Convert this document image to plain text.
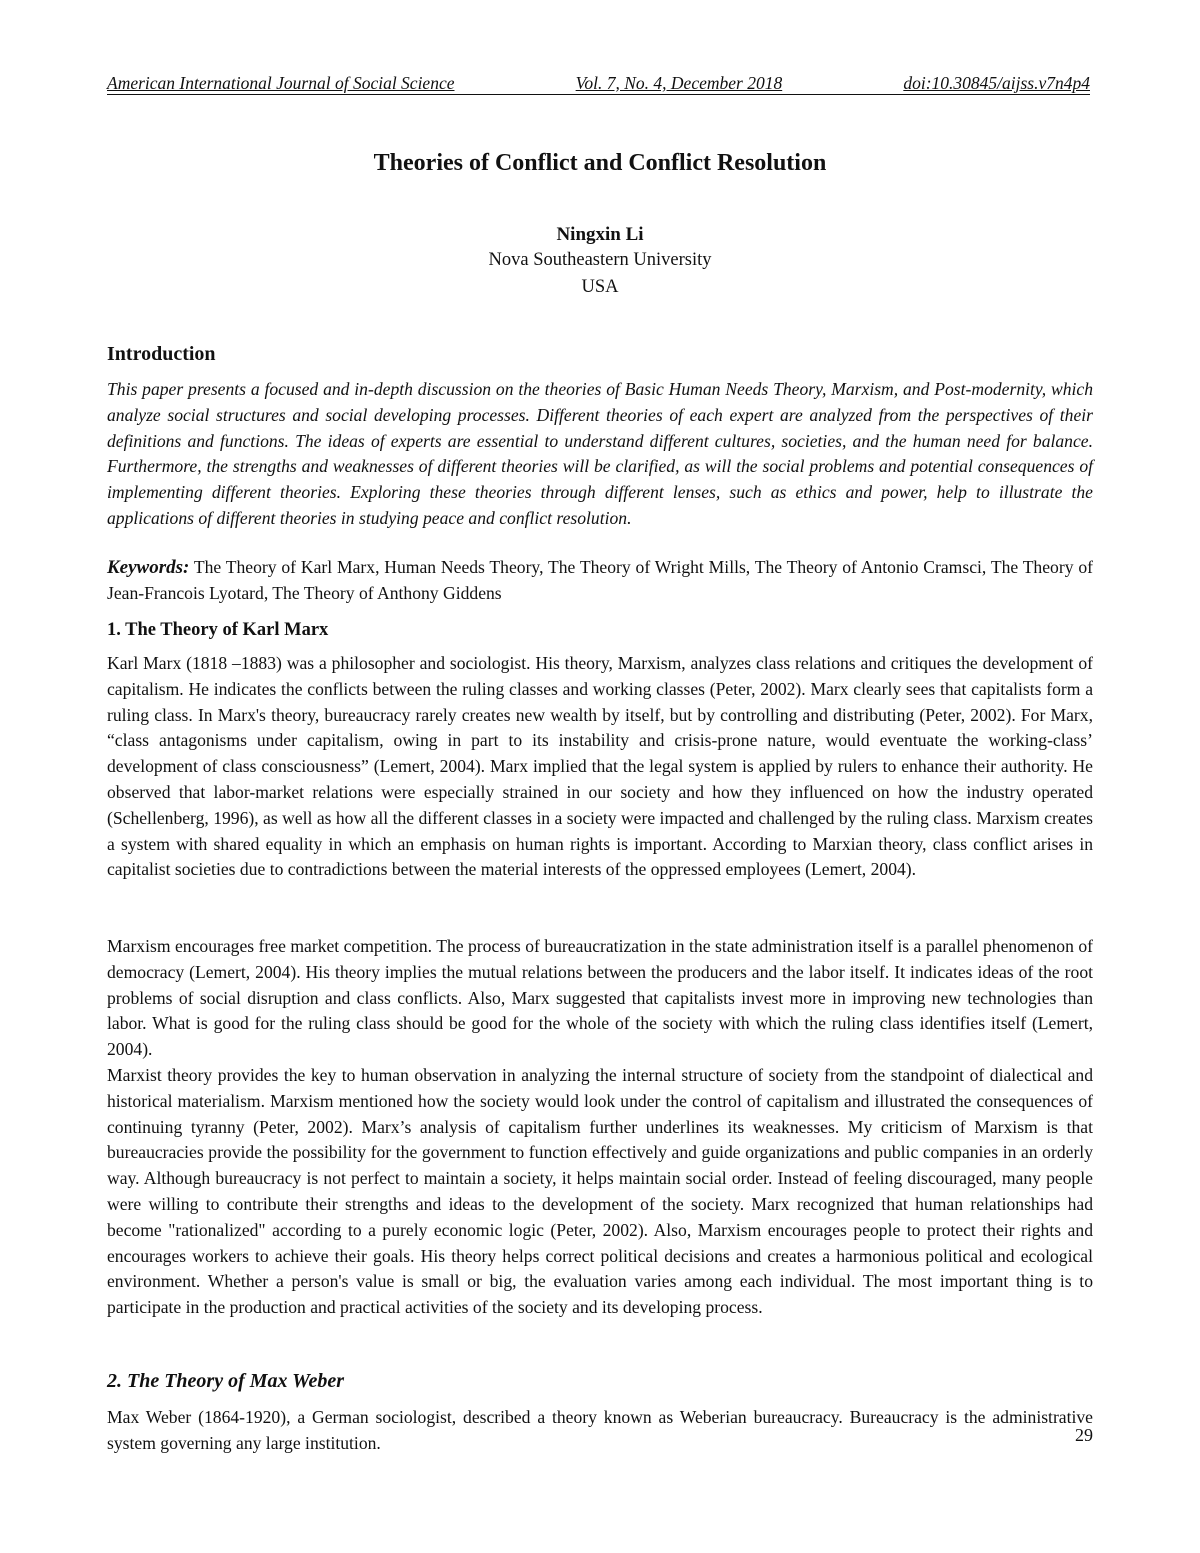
American International Journal of Social Science	Vol. 7, No. 4, December 2018	doi:10.30845/aijss.v7n4p4
Theories of Conflict and Conflict Resolution
Ningxin Li
Nova Southeastern University
USA
Introduction
This paper presents a focused and in-depth discussion on the theories of Basic Human Needs Theory, Marxism, and Post-modernity, which analyze social structures and social developing processes. Different theories of each expert are analyzed from the perspectives of their definitions and functions. The ideas of experts are essential to understand different cultures, societies, and the human need for balance. Furthermore, the strengths and weaknesses of different theories will be clarified, as will the social problems and potential consequences of implementing different theories. Exploring these theories through different lenses, such as ethics and power, help to illustrate the applications of different theories in studying peace and conflict resolution.
Keywords: The Theory of Karl Marx, Human Needs Theory, The Theory of Wright Mills, The Theory of Antonio Cramsci, The Theory of Jean-Francois Lyotard, The Theory of Anthony Giddens
1. The Theory of Karl Marx
Karl Marx (1818 –1883) was a philosopher and sociologist. His theory, Marxism, analyzes class relations and critiques the development of capitalism. He indicates the conflicts between the ruling classes and working classes (Peter, 2002). Marx clearly sees that capitalists form a ruling class. In Marx's theory, bureaucracy rarely creates new wealth by itself, but by controlling and distributing (Peter, 2002). For Marx, “class antagonisms under capitalism, owing in part to its instability and crisis-prone nature, would eventuate the working-class’ development of class consciousness” (Lemert, 2004). Marx implied that the legal system is applied by rulers to enhance their authority. He observed that labor-market relations were especially strained in our society and how they influenced on how the industry operated (Schellenberg, 1996), as well as how all the different classes in a society were impacted and challenged by the ruling class. Marxism creates a system with shared equality in which an emphasis on human rights is important. According to Marxian theory, class conflict arises in capitalist societies due to contradictions between the material interests of the oppressed employees (Lemert, 2004).
Marxism encourages free market competition. The process of bureaucratization in the state administration itself is a parallel phenomenon of democracy (Lemert, 2004). His theory implies the mutual relations between the producers and the labor itself. It indicates ideas of the root problems of social disruption and class conflicts. Also, Marx suggested that capitalists invest more in improving new technologies than labor. What is good for the ruling class should be good for the whole of the society with which the ruling class identifies itself (Lemert, 2004).
Marxist theory provides the key to human observation in analyzing the internal structure of society from the standpoint of dialectical and historical materialism. Marxism mentioned how the society would look under the control of capitalism and illustrated the consequences of continuing tyranny (Peter, 2002). Marx’s analysis of capitalism further underlines its weaknesses. My criticism of Marxism is that bureaucracies provide the possibility for the government to function effectively and guide organizations and public companies in an orderly way. Although bureaucracy is not perfect to maintain a society, it helps maintain social order. Instead of feeling discouraged, many people were willing to contribute their strengths and ideas to the development of the society. Marx recognized that human relationships had become "rationalized" according to a purely economic logic (Peter, 2002). Also, Marxism encourages people to protect their rights and encourages workers to achieve their goals. His theory helps correct political decisions and creates a harmonious political and ecological environment. Whether a person's value is small or big, the evaluation varies among each individual. The most important thing is to participate in the production and practical activities of the society and its developing process.
2. The Theory of Max Weber
Max Weber (1864-1920), a German sociologist, described a theory known as Weberian bureaucracy. Bureaucracy is the administrative system governing any large institution.	29
